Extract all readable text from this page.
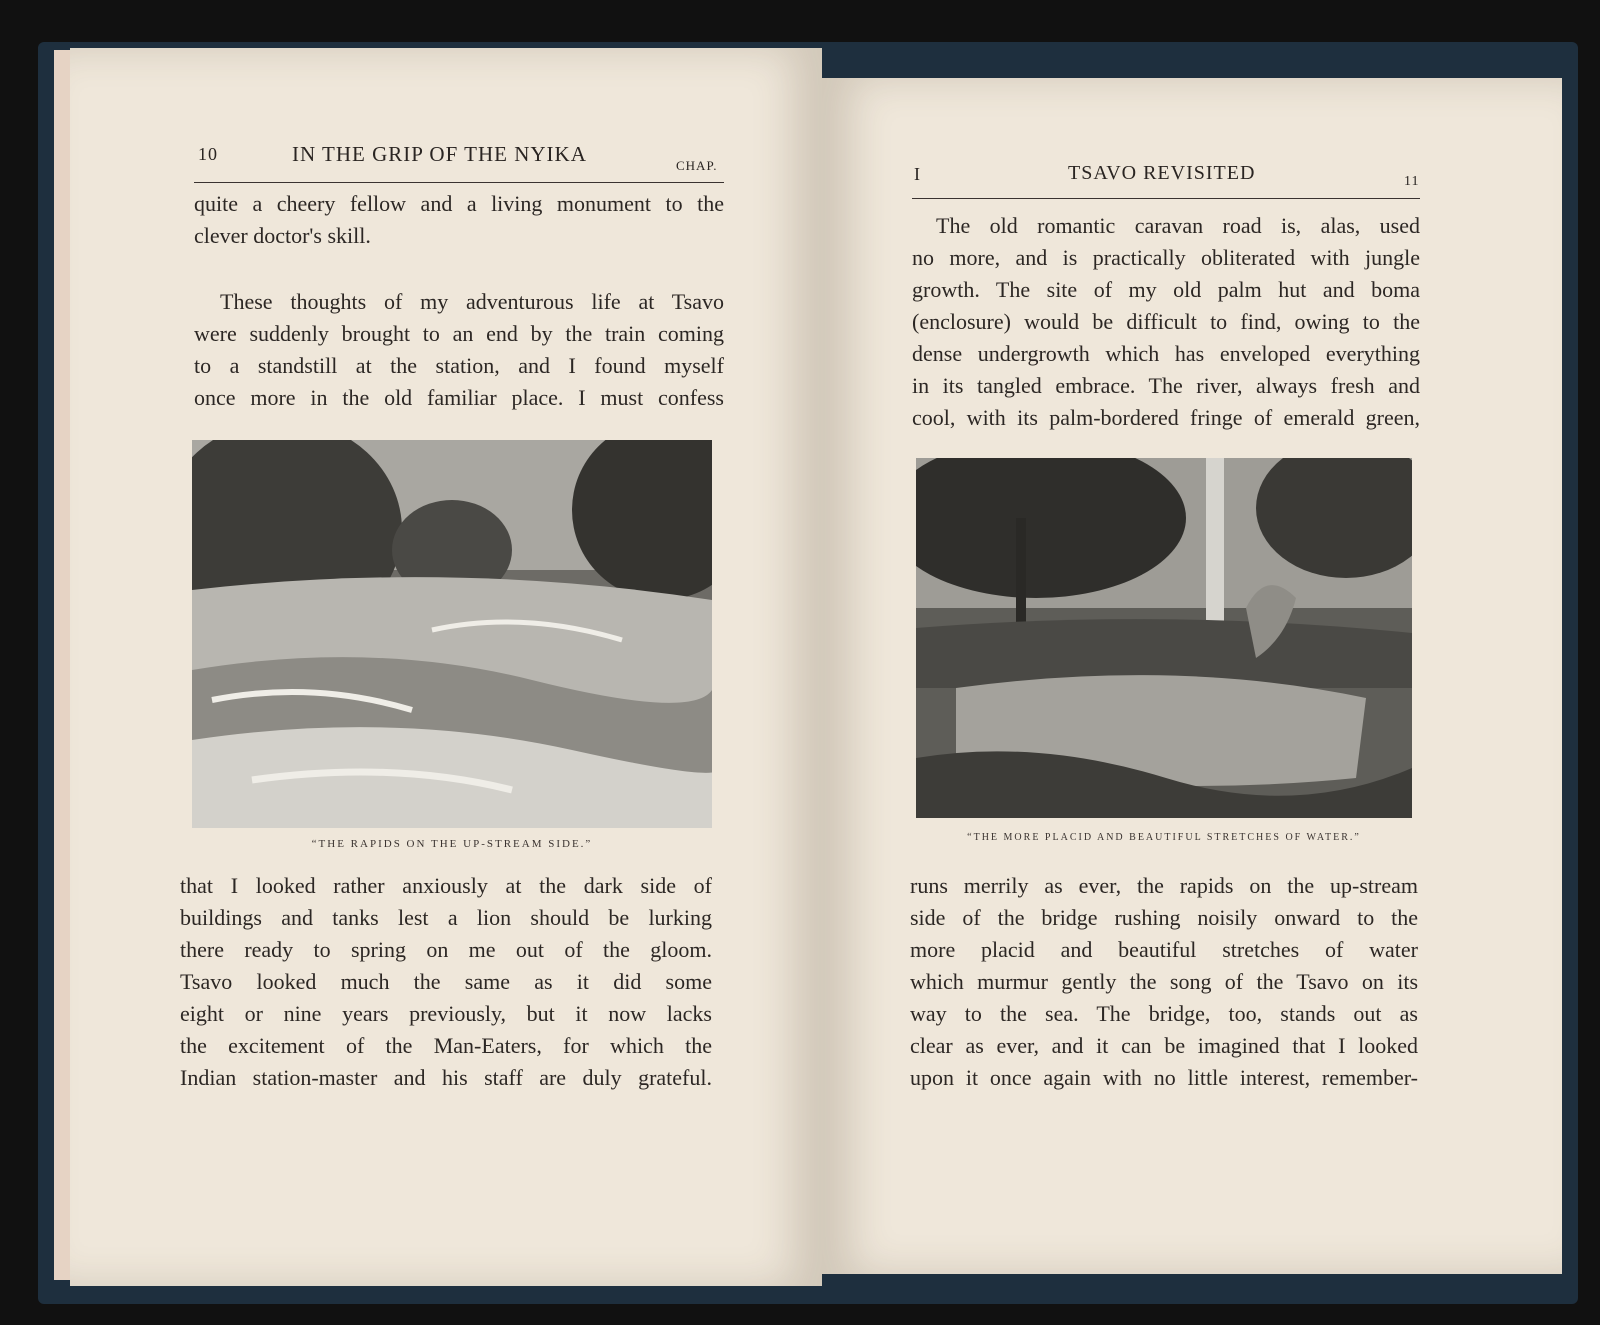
10	IN THE GRIP OF THE NYIKA	CHAP.
quite a cheery fellow and a living monument to the
clever doctor's skill.
These thoughts of my adventurous life at Tsavo
were suddenly brought to an end by the train coming
to a standstill at the station, and I found myself
once more in the old familiar place. I must confess
“THE RAPIDS ON THE UP-STREAM SIDE.”
that I looked rather anxiously at the dark side of
buildings and tanks lest a lion should be lurking
there ready to spring on me out of the gloom.
Tsavo looked much the same as it did some
eight or nine years previously, but it now lacks
the excitement of the Man-Eaters, for which the
Indian station-master and his staff are duly grateful.
I	TSAVO REVISITED	11
The old romantic caravan road is, alas, used
no more, and is practically obliterated with jungle
growth. The site of my old palm hut and boma
(enclosure) would be difficult to find, owing to the
dense undergrowth which has enveloped everything
in its tangled embrace. The river, always fresh and
cool, with its palm-bordered fringe of emerald green,
“THE MORE PLACID AND BEAUTIFUL STRETCHES OF WATER.”
runs merrily as ever, the rapids on the up-stream
side of the bridge rushing noisily onward to the
more placid and beautiful stretches of water
which murmur gently the song of the Tsavo on its
way to the sea. The bridge, too, stands out as
clear as ever, and it can be imagined that I looked
upon it once again with no little interest, remember-
